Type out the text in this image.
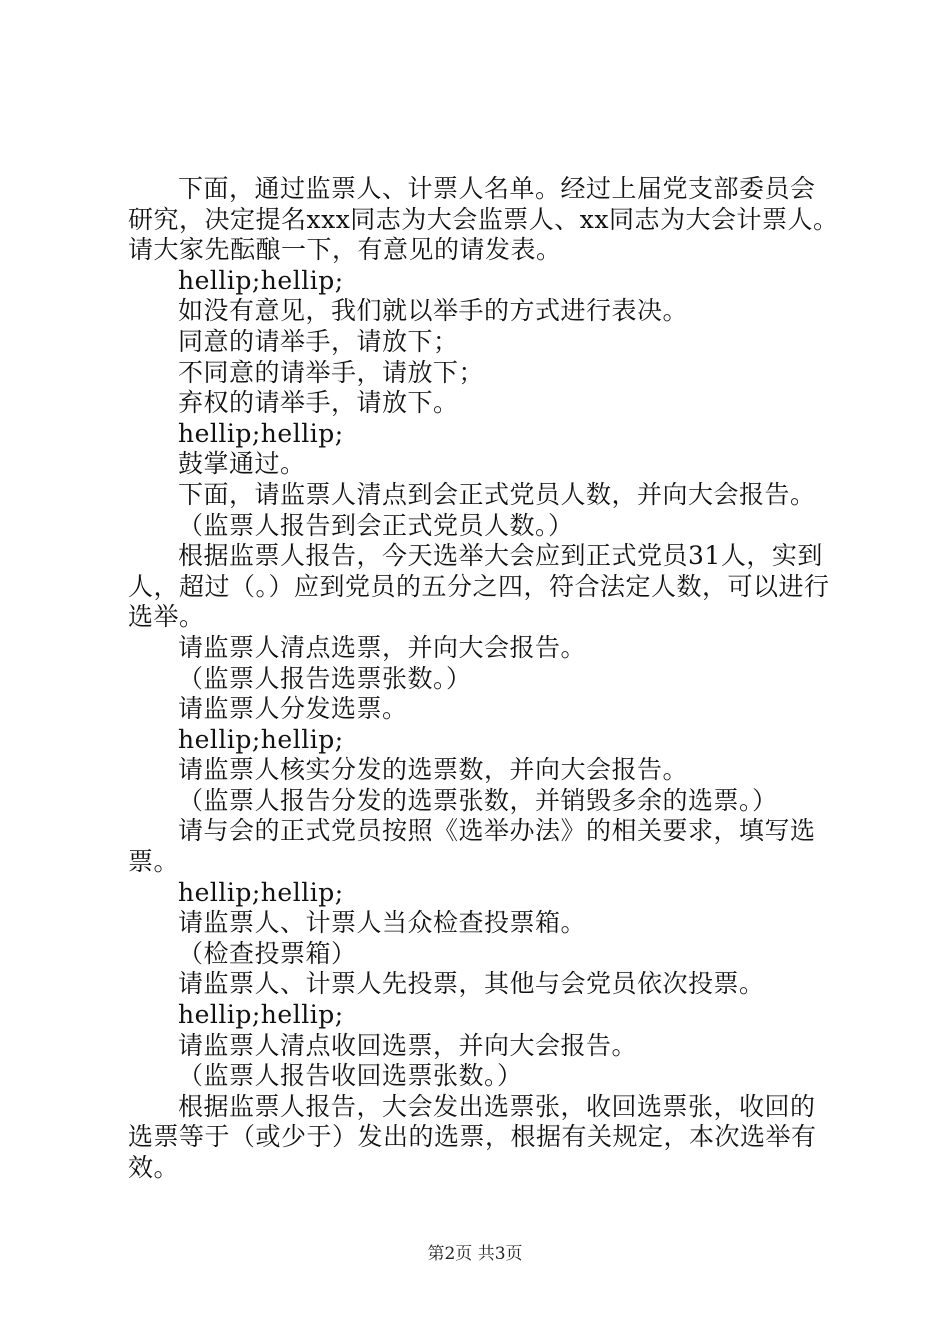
下面，通过监票人、计票人名单。经过上届党支部委员会研究，决定提名xxx同志为大会监票人、xx同志为大会计票人。请大家先酝酿一下，有意见的请发表。

hellip;hellip;

如没有意见，我们就以举手的方式进行表决。

同意的请举手，请放下；

不同意的请举手，请放下；

弃权的请举手，请放下。

hellip;hellip;

鼓掌通过。

下面，请监票人清点到会正式党员人数，并向大会报告。

（监票人报告到会正式党员人数。）

根据监票人报告，今天选举大会应到正式党员31人，实到人，超过（。）应到党员的五分之四，符合法定人数，可以进行选举。

请监票人清点选票，并向大会报告。

（监票人报告选票张数。）

请监票人分发选票。

hellip;hellip;

请监票人核实分发的选票数，并向大会报告。

（监票人报告分发的选票张数，并销毁多余的选票。）

请与会的正式党员按照《选举办法》的相关要求，填写选票。

hellip;hellip;

请监票人、计票人当众检查投票箱。

（检查投票箱）

请监票人、计票人先投票，其他与会党员依次投票。

hellip;hellip;

请监票人清点收回选票，并向大会报告。

（监票人报告收回选票张数。）

根据监票人报告，大会发出选票张，收回选票张，收回的选票等于（或少于）发出的选票，根据有关规定，本次选举有效。

第2页 共3页
